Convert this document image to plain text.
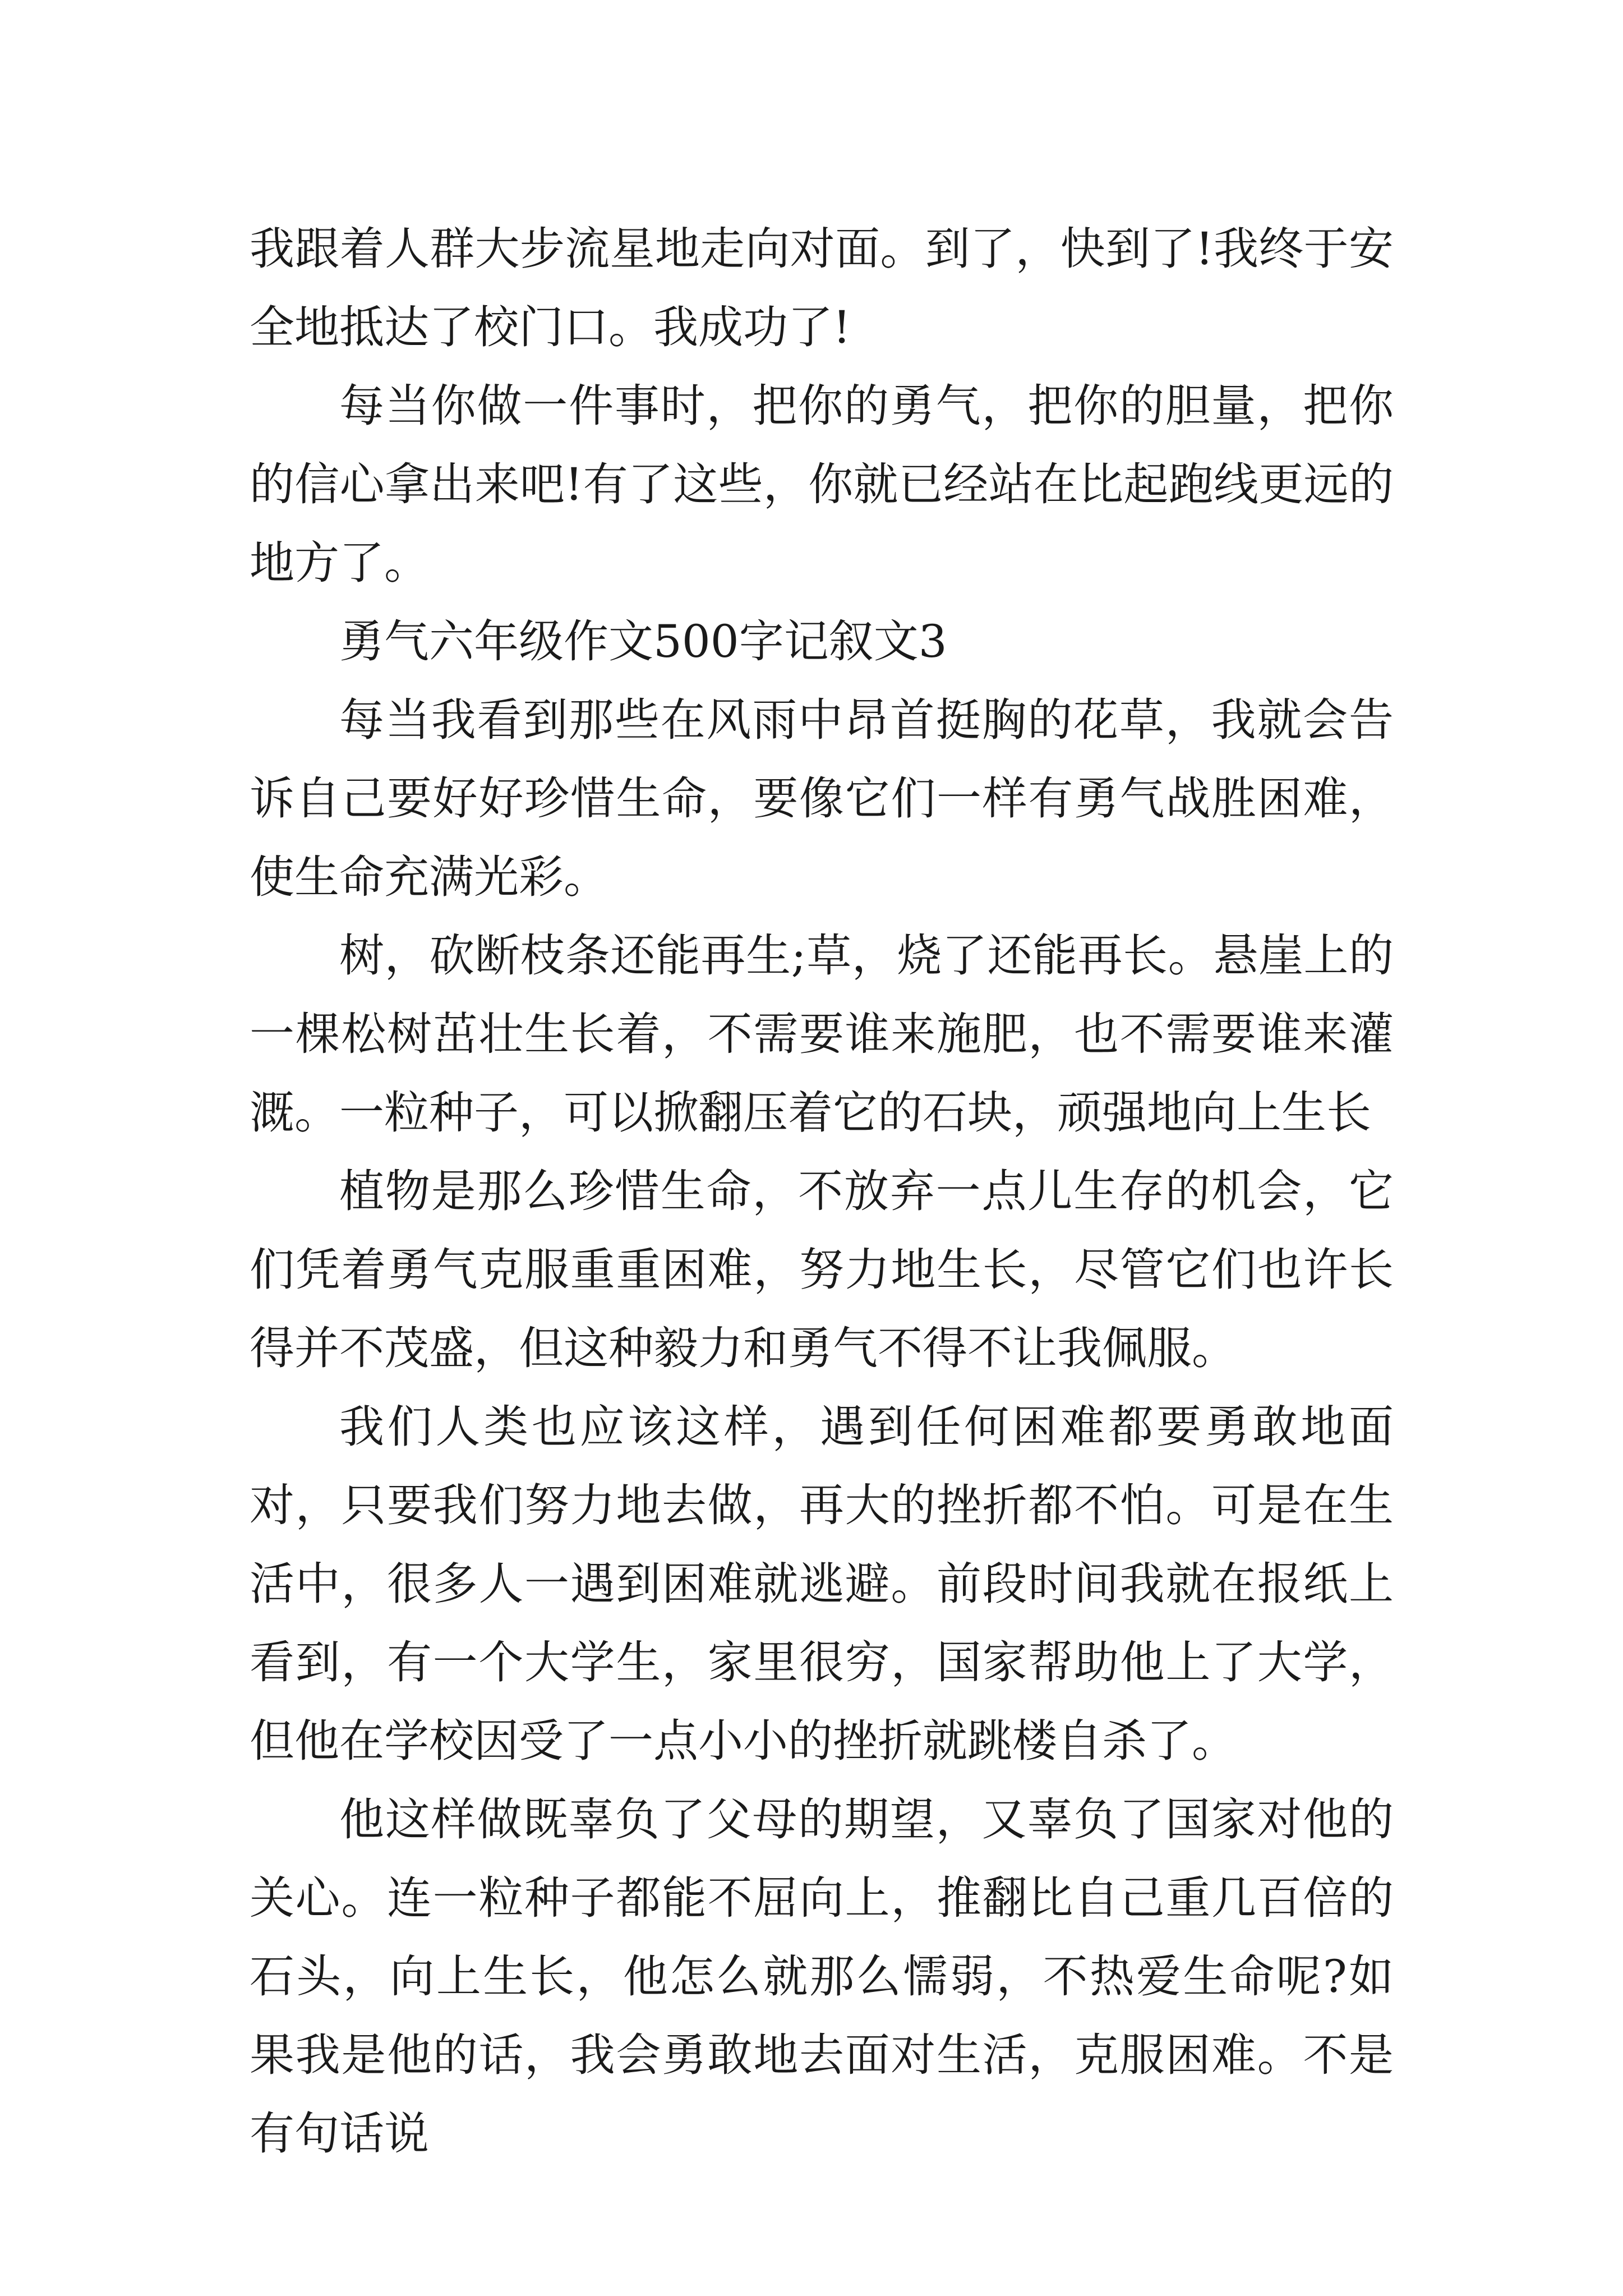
我跟着人群大步流星地走向对面。到了，快到了!我终于安全地抵达了校门口。我成功了!

每当你做一件事时，把你的勇气，把你的胆量，把你的信心拿出来吧!有了这些，你就已经站在比起跑线更远的地方了。

勇气六年级作文500字记叙文3

每当我看到那些在风雨中昂首挺胸的花草，我就会告诉自己要好好珍惜生命，要像它们一样有勇气战胜困难，使生命充满光彩。

树，砍断枝条还能再生;草，烧了还能再长。悬崖上的一棵松树茁壮生长着，不需要谁来施肥，也不需要谁来灌溉。一粒种子，可以掀翻压着它的石块，顽强地向上生长

植物是那么珍惜生命，不放弃一点儿生存的机会，它们凭着勇气克服重重困难，努力地生长，尽管它们也许长得并不茂盛，但这种毅力和勇气不得不让我佩服。

我们人类也应该这样，遇到任何困难都要勇敢地面对，只要我们努力地去做，再大的挫折都不怕。可是在生活中，很多人一遇到困难就逃避。前段时间我就在报纸上看到，有一个大学生，家里很穷，国家帮助他上了大学，但他在学校因受了一点小小的挫折就跳楼自杀了。

他这样做既辜负了父母的期望，又辜负了国家对他的关心。连一粒种子都能不屈向上，推翻比自己重几百倍的石头，向上生长，他怎么就那么懦弱，不热爱生命呢?如果我是他的话，我会勇敢地去面对生活，克服困难。不是有句话说
